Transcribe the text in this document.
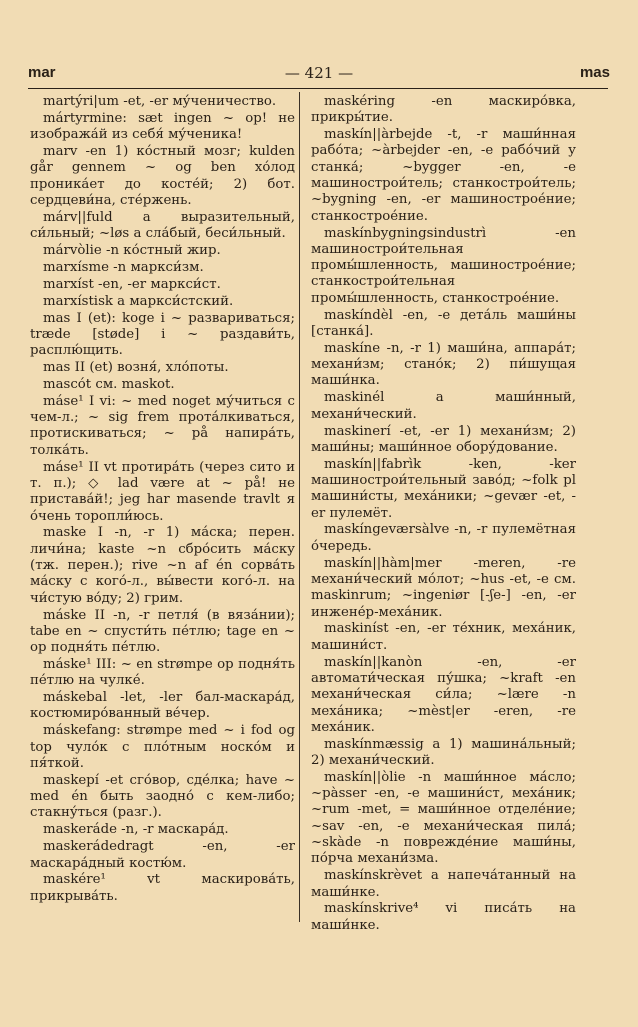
mar	— 421 —	mas

martýri|um -et, -er му́ченичество.

mártyrmine: sæt ingen ~ op! не изобража́й из себя́ му́ченика!

marv -en 1) ко́стный мозг; kulden går gennem ~ og ben хо́лод проника́ет до косте́й; 2) бот. сердцеви́на, сте́ржень.

márv||fuld a выразительный, си́льный; ~løs a сла́бый, беси́льный.

márvòlie -n ко́стный жир.

marxísme -n маркси́зм.

marxíst -en, -er маркси́ст.

marxístisk a маркси́стский.

mas I (et): koge i ~ развариваться; træde [støde] i ~ раздави́ть, расплю́щить.

mas II (et) возня́, хло́поты.

mascót см. maskot.

máse¹ I vi: ~ med noget му́читься с чем-л.; ~ sig frem прота́лкиваться, протискиваться; ~ på напира́ть, толка́ть.

máse¹ II vt протира́ть (через сито и т. п.); ◇ lad være at ~ på! не пристава́й!; jeg har masende travlt я о́чень торопли́юсь.

maske I -n, -r 1) ма́ска; перен. личи́на; kaste ~n сбро́сить ма́ску (тж. перен.); rive ~n af én сорва́ть ма́ску с кого́-л., вы́вести кого́-л. на чи́стую во́ду; 2) грим.

máske II -n, -r петля́ (в вяза́нии); tabe en ~ спусти́ть пе́тлю; tage en ~ op подня́ть пе́тлю.

máske¹ III: ~ en strømpe op подня́ть пе́тлю на чулке́.

máskebal -let, -ler бал-маскара́д, костюмиро́ванный ве́чер.

máskefang: strømpe med ~ i fod og top чуло́к с пло́тным носко́м и пя́ткой.

maskepí -et сго́вор, сде́лка; have ~ med én быть заодно́ с кем-либо; стакну́ться (разг.).

maskeráde -n, -r маскара́д.

maskerádedragt -en, -er маскара́дный костю́м.

maskére¹ vt маскирова́ть, прикрыва́ть.

maskéring -en маскиро́вка, прикры́тие.

maskín||àrbejde -t, -r маши́нная рабо́та; ~àrbejder -en, -e рабо́чий у станка́; ~bygger -en, -e машинострои́тель; станкострои́тель; ~bygning -en, -er машинострое́ние; станкострое́ние.

maskínbygningsindustrì -en машинострои́тельная промы́шленность, машинострое́ние; станкострои́тельная промы́шленность, станкострое́ние.

maskíndèl -en, -e дета́ль маши́ны [станка́].

maskíne -n, -r 1) маши́на, аппара́т; механи́зм; стано́к; 2) пи́шущая маши́нка.

maskinél a маши́нный, механи́ческий.

maskinerí -et, -er 1) механи́зм; 2) маши́ны; маши́нное обору́дование.

maskín||fabrìk -ken, -ker машинострои́тельный заво́д; ~folk pl машини́сты, меха́ники; ~gevær -et, -er пулемёт.

maskíngeværsàlve -n, -r пулемётная о́чередь.

maskín||hàm|mer -meren, -re механи́ческий мо́лот; ~hus -et, -e см. maskinrum; ~ingeniør [-ʃe-] -en, -er инжене́р-меха́ник.

maskiníst -en, -er те́хник, меха́ник, машини́ст.

maskín||kanòn -en, -er автомати́ческая пу́шка; ~kraft -en механи́ческая си́ла; ~lære -n меха́ника; ~mèst|er -eren, -re меха́ник.

maskínmæssig a 1) машина́льный; 2) механи́ческий.

maskín||òlie -n маши́нное ма́сло; ~pàsser -en, -e машини́ст, меха́ник; ~rum -met, = маши́нное отделе́ние; ~sav -en, -e механи́ческая пила́; ~skàde -n поврежде́ние маши́ны, по́рча механи́зма.

maskínskrèvet a напеча́танный на маши́нке.

maskínskrive⁴ vi писа́ть на маши́нке.
